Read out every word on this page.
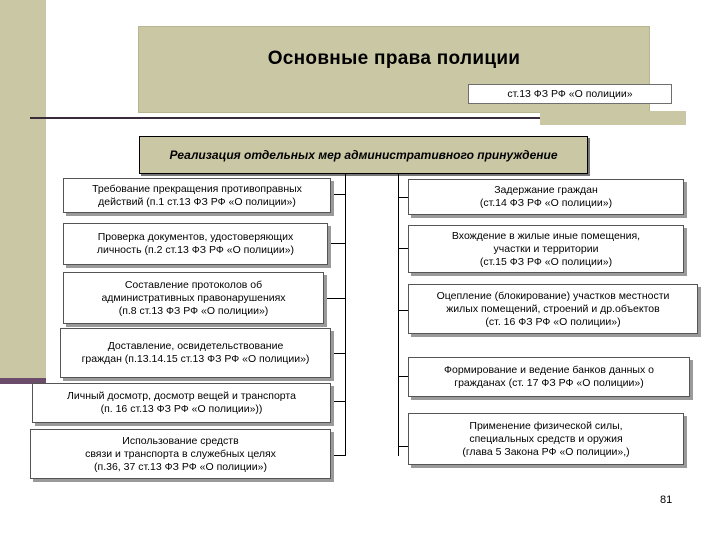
Основные права полиции
ст.13 ФЗ РФ «О полиции»
Реализация отдельных мер административного принуждение
Требование прекращения противоправных
действий (п.1 ст.13 ФЗ РФ «О полиции»)
Проверка документов, удостоверяющих
личность (п.2 ст.13 ФЗ РФ «О полиции»)
Составление протоколов об
административных правонарушениях
(п.8 ст.13 ФЗ РФ «О полиции»)
Доставление, освидетельствование
граждан (п.13.14.15 ст.13 ФЗ РФ «О полиции»)
Личный досмотр, досмотр вещей и транспорта
(п. 16 ст.13 ФЗ РФ «О полиции»))
Использование средств
связи и транспорта в служебных целях
(п.36, 37 ст.13 ФЗ РФ «О полиции»)
Задержание граждан
(ст.14 ФЗ РФ «О полиции»)
Вхождение в жилые иные помещения,
участки и территории
(ст.15 ФЗ РФ «О полиции»)
Оцепление (блокирование) участков местности
жилых помещений, строений и др.объектов
(ст. 16 ФЗ РФ «О полиции»)
Формирование и ведение банков данных о
гражданах (ст. 17 ФЗ РФ «О полиции»)
Применение физической силы,
специальных средств и оружия
(глава 5 Закона РФ «О полиции»,)
81
